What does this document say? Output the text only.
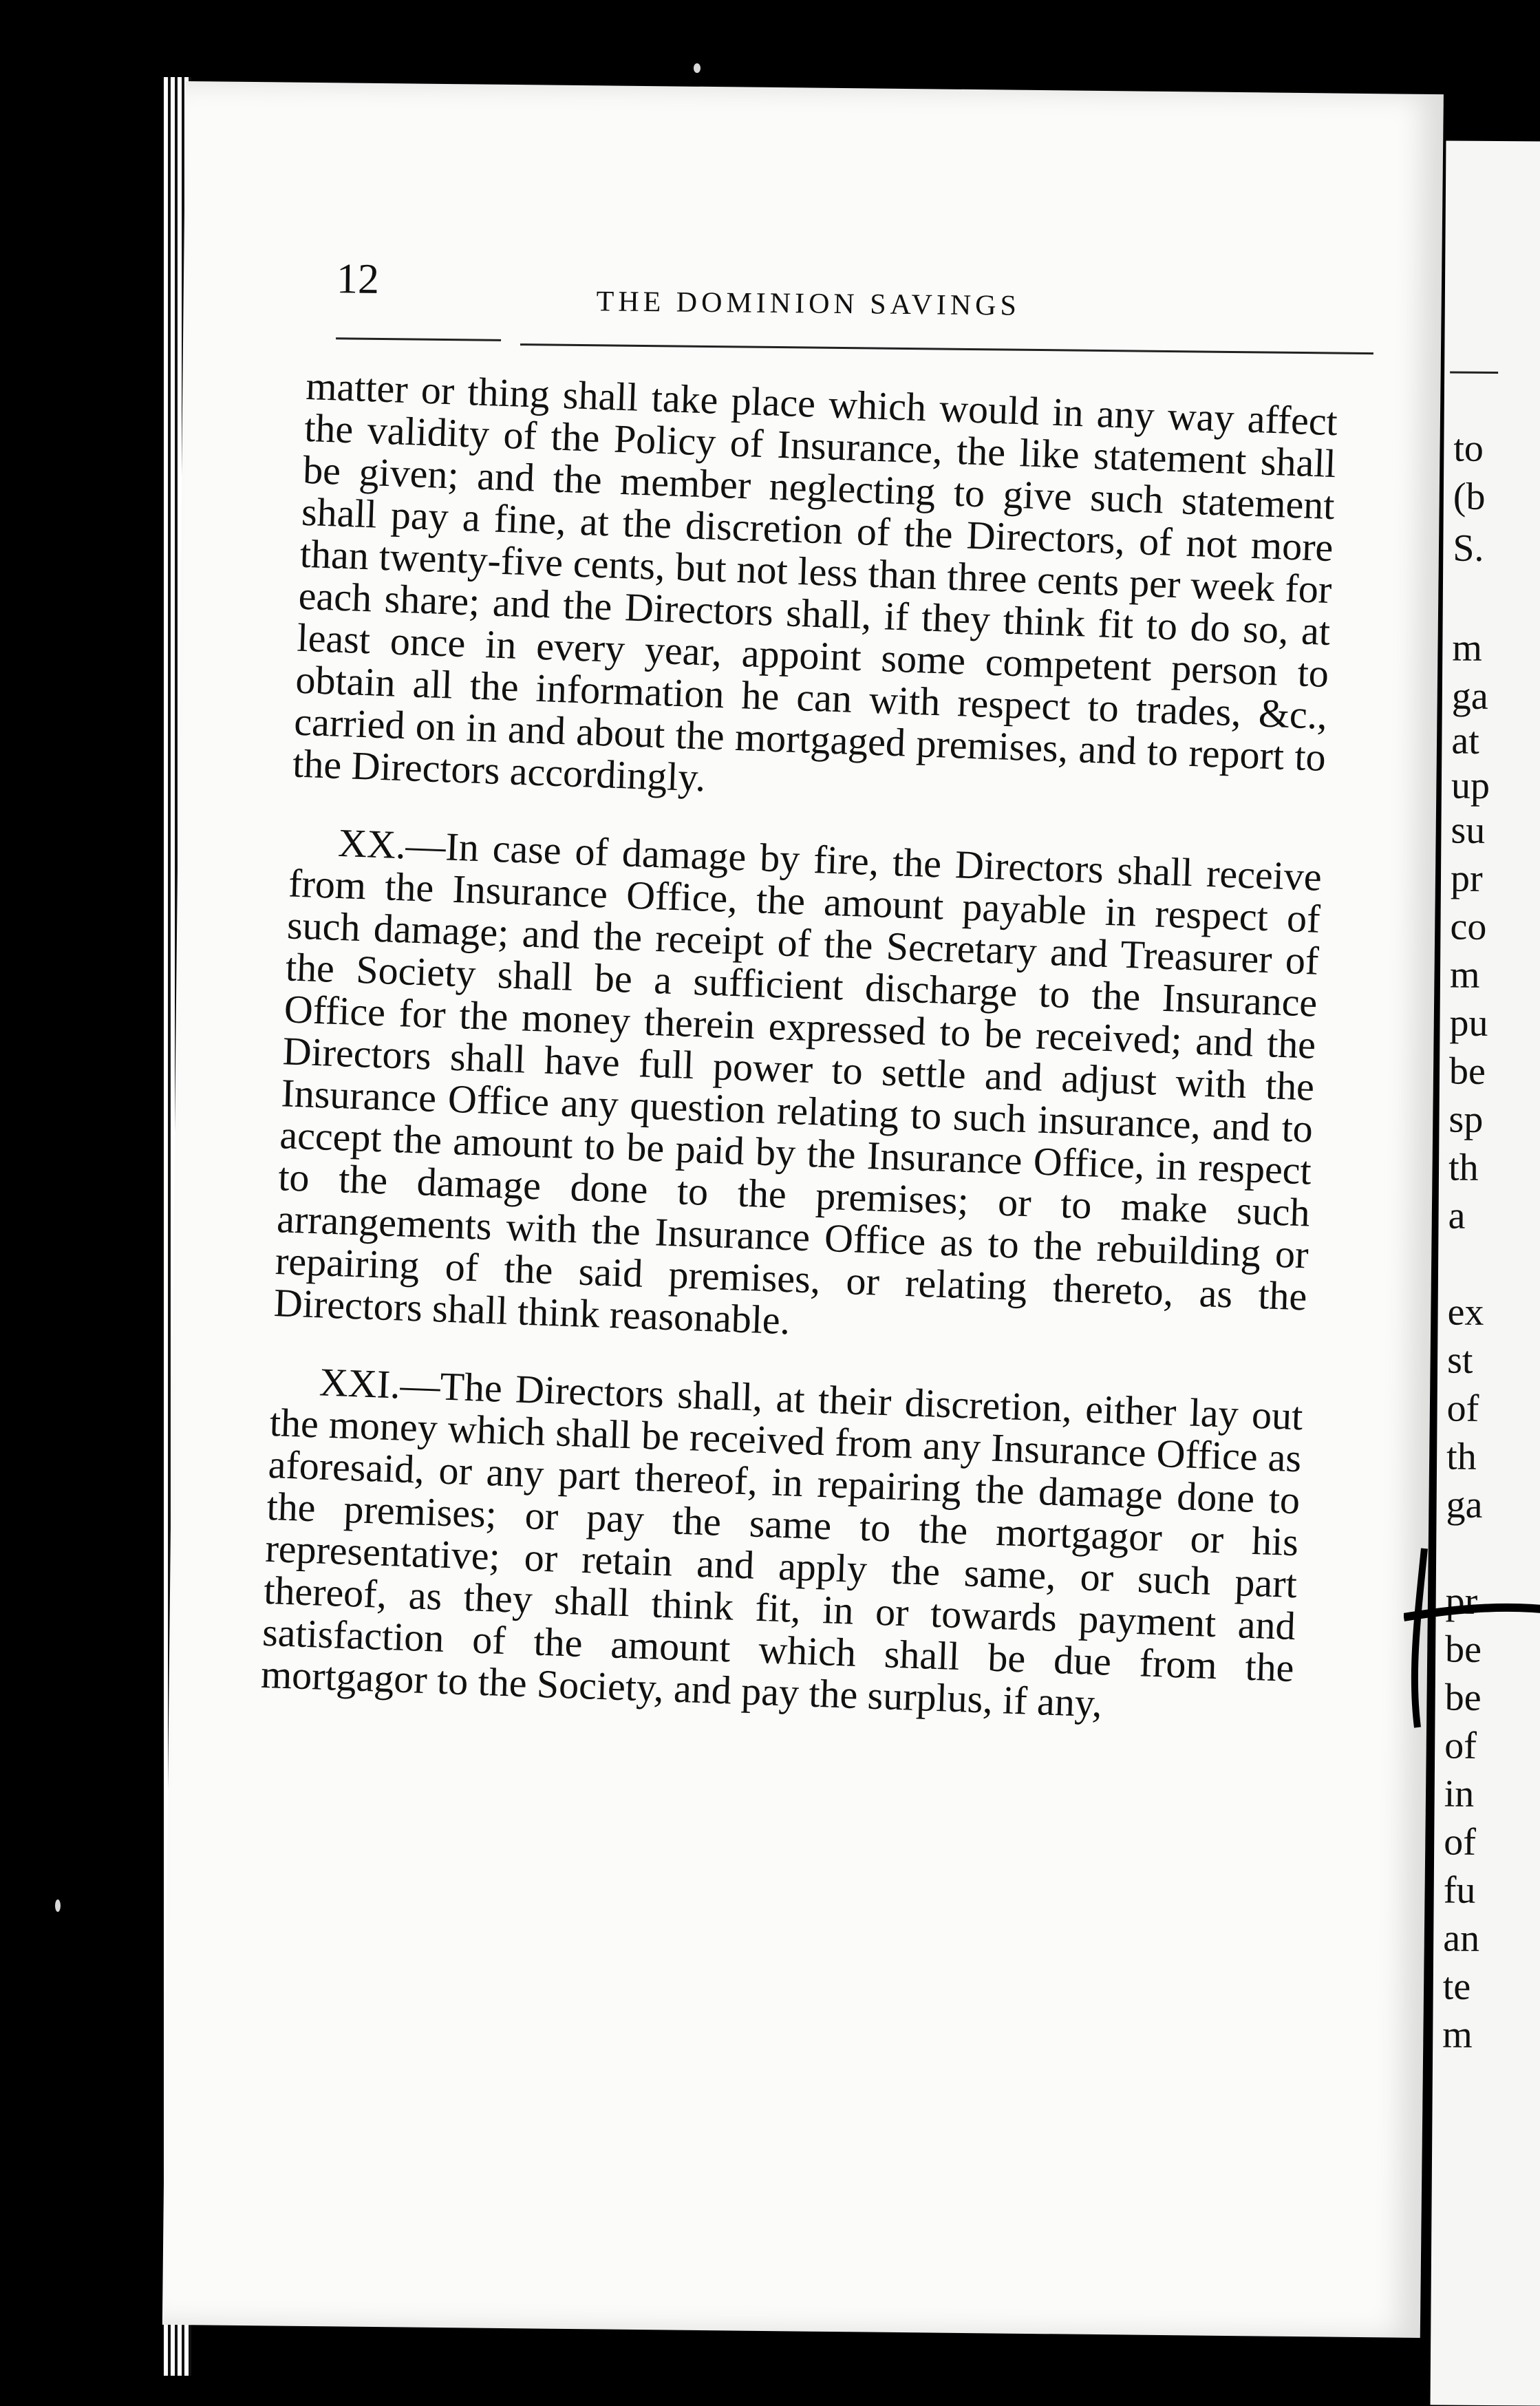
12
THE DOMINION SAVINGS

matter or thing shall take place which would in any way affect the validity of the Policy of Insurance, the like statement shall be given; and the member neglecting to give such statement shall pay a fine, at the discretion of the Directors, of not more than twenty-five cents, but not less than three cents per week for each share; and the Directors shall, if they think fit to do so, at least once in every year, appoint some competent person to obtain all the information he can with respect to trades, &c., carried on in and about the mortgaged premises, and to report to the Directors accordingly.

XX.—In case of damage by fire, the Directors shall receive from the Insurance Office, the amount payable in respect of such damage; and the receipt of the Secretary and Treasurer of the Society shall be a sufficient discharge to the Insurance Office for the money therein expressed to be received; and the Directors shall have full power to settle and adjust with the Insurance Office any question relating to such insurance, and to accept the amount to be paid by the Insurance Office, in respect to the damage done to the premises; or to make such arrangements with the Insurance Office as to the rebuilding or repairing of the said premises, or relating thereto, as the Directors shall think reasonable.

XXI.—The Directors shall, at their discretion, either lay out the money which shall be received from any Insurance Office as aforesaid, or any part thereof, in repairing the damage done to the premises; or pay the same to the mortgagor or his representative; or retain and apply the same, or such part thereof, as they shall think fit, in or towards payment and satisfaction of the amount which shall be due from the mortgagor to the Society, and pay the surplus, if any,

to
(b
S.
m
ga
at
up
su
pr
co
m
pu
be
sp
th
a
ex
st
of
th
ga
pr
be
be
of
in
of
fu
an
te
m
